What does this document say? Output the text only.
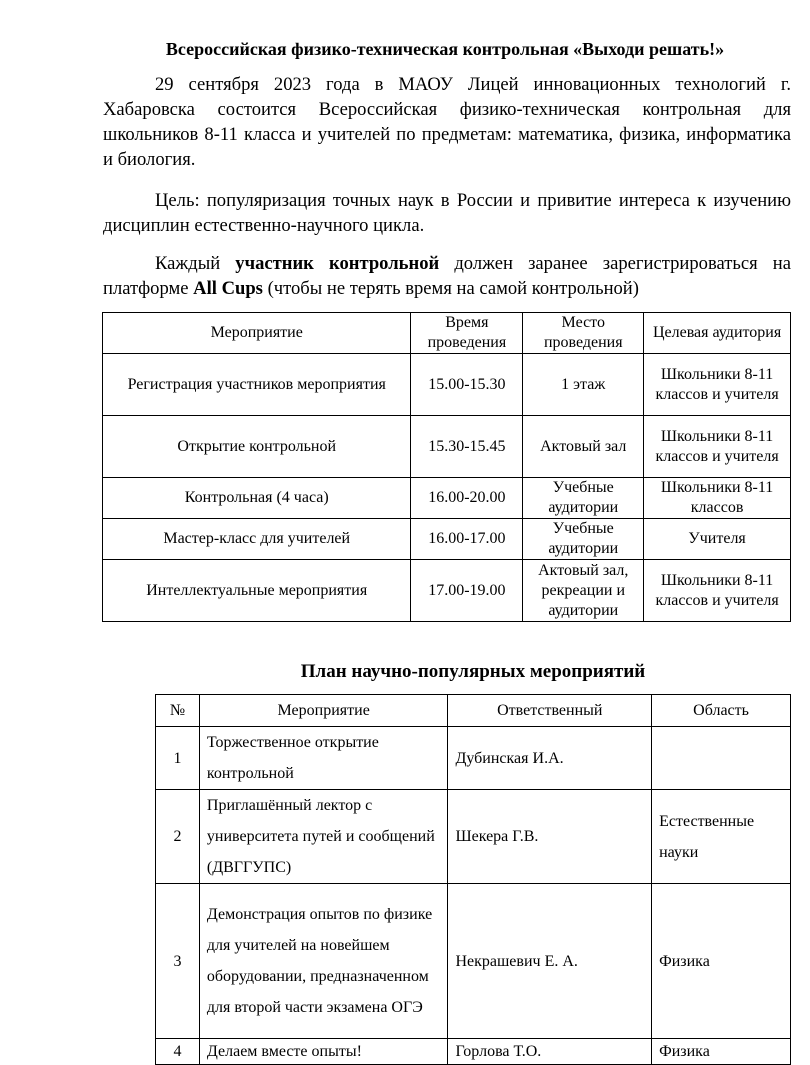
Всероссийская физико-техническая контрольная «Выходи решать!»
29 сентября 2023 года в МАОУ Лицей инновационных технологий г. Хабаровска состоится Всероссийская физико-техническая контрольная для школьников 8-11 класса и учителей по предметам: математика, физика, информатика и биология.
Цель: популяризация точных наук в России и привитие интереса к изучению дисциплин естественно-научного цикла.
Каждый участник контрольной должен заранее зарегистрироваться на платформе All Cups (чтобы не терять время на самой контрольной)
Мероприятие	Время проведения	Место проведения	Целевая аудитория
Регистрация участников мероприятия	15.00-15.30	1 этаж	Школьники 8-11 классов и учителя
Открытие контрольной	15.30-15.45	Актовый зал	Школьники 8-11 классов и учителя
Контрольная (4 часа)	16.00-20.00	Учебные аудитории	Школьники 8-11 классов
Мастер-класс для учителей	16.00-17.00	Учебные аудитории	Учителя
Интеллектуальные мероприятия	17.00-19.00	Актовый зал, рекреации и аудитории	Школьники 8-11 классов и учителя
План научно-популярных мероприятий
№	Мероприятие	Ответственный	Область
1	Торжественное открытие контрольной	Дубинская И.А.	
2	Приглашённый лектор с университета путей и сообщений (ДВГГУПС)	Шекера Г.В.	Естественные науки
3	Демонстрация опытов по физике для учителей на новейшем оборудовании, предназначенном для второй части экзамена ОГЭ	Некрашевич Е. А.	Физика
4	Делаем вместе опыты!	Горлова Т.О.	Физика
